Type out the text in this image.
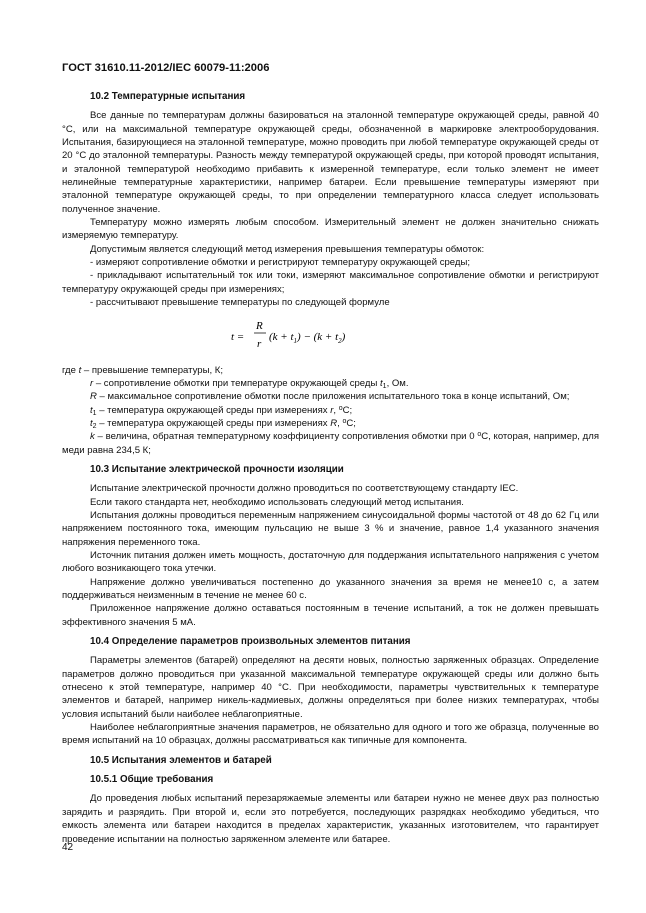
ГОСТ 31610.11-2012/IEC 60079-11:2006
10.2 Температурные испытания

Все данные по температурам должны базироваться на эталонной температуре окружающей среды, равной 40 °С, или на максимальной температуре окружающей среды, обозначенной в маркировке электрооборудования. Испытания, базирующиеся на эталонной температуре, можно проводить при любой температуре окружающей среды от 20 °С до эталонной температуры. Разность между температурой окружающей среды, при которой проводят испытания, и эталонной температурой необходимо прибавить к измеренной температуре, если только элемент не имеет нелинейные температурные характеристики, например батареи. Если превышение температуры измеряют при эталонной температуре окружающей среды, то при определении температурного класса следует использовать полученное значение.

Температуру можно измерять любым способом. Измерительный элемент не должен значительно снижать измеряемую температуру.

Допустимым является следующий метод измерения превышения температуры обмоток:

- измеряют сопротивление обмотки и регистрируют температуру окружающей среды;

- прикладывают испытательный ток или токи, измеряют максимальное сопротивление обмотки и регистрируют температуру окружающей среды при измерениях;

- рассчитывают превышение температуры по следующей формуле

t =
R
r
$(k + t_1) - (k + t_2)$

где t – превышение температуры, К;

r – сопротивление обмотки при температуре окружающей среды $t_1$, Ом.

R – максимальное сопротивление обмотки после приложения испытательного тока в конце испытаний, Ом;

$t_1$ – температура окружающей среды при измерениях r, $^o$С;

$t_2$ – температура окружающей среды при измерениях R, $^o$С;

k – величина, обратная температурному коэффициенту сопротивления обмотки при 0 $^o$С, которая, например, для меди равна 234,5 К;

10.3 Испытание электрической прочности изоляции

Испытание электрической прочности должно проводиться по соответствующему стандарту IEC.

Если такого стандарта нет, необходимо использовать следующий метод испытания.

Испытания должны проводиться переменным напряжением синусоидальной формы частотой от 48 до 62 Гц или напряжением постоянного тока, имеющим пульсацию не выше 3 % и значение, равное 1,4 указанного значения напряжения переменного тока.

Источник питания должен иметь мощность, достаточную для поддержания испытательного напряжения с учетом любого возникающего тока утечки.

Напряжение должно увеличиваться постепенно до указанного значения за время не менее10 с, а затем поддерживаться неизменным в течение не менее 60 с.

Приложенное напряжение должно оставаться постоянным в течение испытаний, а ток не должен превышать эффективного значения 5 мА.

10.4 Определение параметров произвольных элементов питания

Параметры элементов (батарей) определяют на десяти новых, полностью заряженных образцах. Определение параметров должно проводиться при указанной максимальной температуре окружающей среды или должно быть отнесено к этой температуре, например 40 °С. При необходимости, параметры чувствительных к температуре элементов и батарей, например никель-кадмиевых, должны определяться при более низких температурах, чтобы условия испытаний были наиболее неблагоприятные.

Наиболее неблагоприятные значения параметров, не обязательно для одного и того же образца, полученные во время испытаний на 10 образцах, должны рассматриваться как типичные для компонента.

10.5 Испытания элементов и батарей
10.5.1 Общие требования

До проведения любых испытаний перезаряжаемые элементы или батареи нужно не менее двух раз полностью зарядить и разрядить. При второй и, если это потребуется, последующих разрядках необходимо убедиться, что емкость элемента или батареи находится в пределах характеристик, указанных изготовителем, что гарантирует проведение испытании на полностью заряженном элементе или батарее.

42
